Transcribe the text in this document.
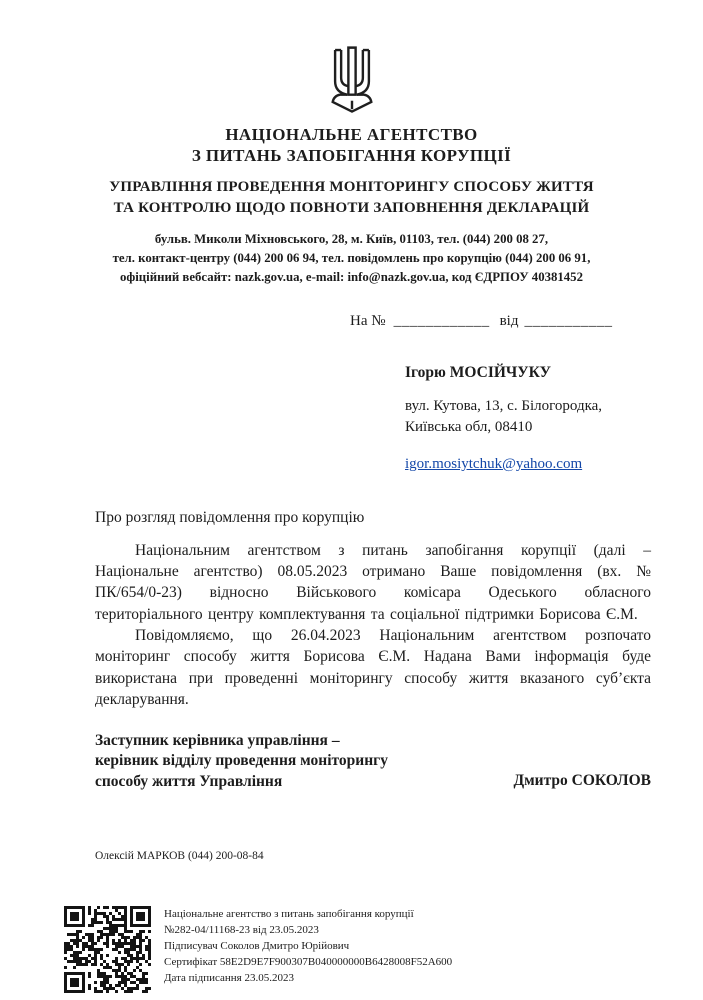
НАЦІОНАЛЬНЕ АГЕНТСТВО
З ПИТАНЬ ЗАПОБІГАННЯ КОРУПЦІЇ
УПРАВЛІННЯ ПРОВЕДЕННЯ МОНІТОРИНГУ СПОСОБУ ЖИТТЯ
ТА КОНТРОЛЮ ЩОДО ПОВНОТИ ЗАПОВНЕННЯ ДЕКЛАРАЦІЙ
бульв. Миколи Міхновського, 28, м. Київ, 01103, тел. (044) 200 08 27,
тел. контакт-центру (044) 200 06 94, тел. повідомлень про корупцію (044) 200 06 91,
офіційний вебсайт: nazk.gov.ua, e-mail: info@nazk.gov.ua, код ЄДРПОУ 40381452
На № ____________ від ___________
Ігорю МОСІЙЧУКУ
вул. Кутова, 13, с. Білогородка,
Київська обл, 08410
igor.mosiytchuk@yahoo.com
Про розгляд повідомлення про корупцію

Національним агентством з питань запобігання корупції (далі – Національне агентство) 08.05.2023 отримано Ваше повідомлення (вх. № ПК/654/0-23) відносно Військового комісара Одеського обласного територіального центру комплектування та соціальної підтримки Борисова Є.М.

Повідомляємо, що 26.04.2023 Національним агентством розпочато моніторинг способу життя Борисова Є.М. Надана Вами інформація буде використана при проведенні моніторингу способу життя вказаного суб’єкта декларування.

Заступник керівника управління –
керівник відділу проведення моніторингу
способу життя Управління	Дмитро СОКОЛОВ
Олексій МАРКОВ (044) 200-08-84
Національне агентство з питань запобігання корупції
№282-04/11168-23 від 23.05.2023
Підписувач Соколов Дмитро Юрійович
Сертифікат 58E2D9E7F900307B040000000B6428008F52A600
Дата підписання 23.05.2023
